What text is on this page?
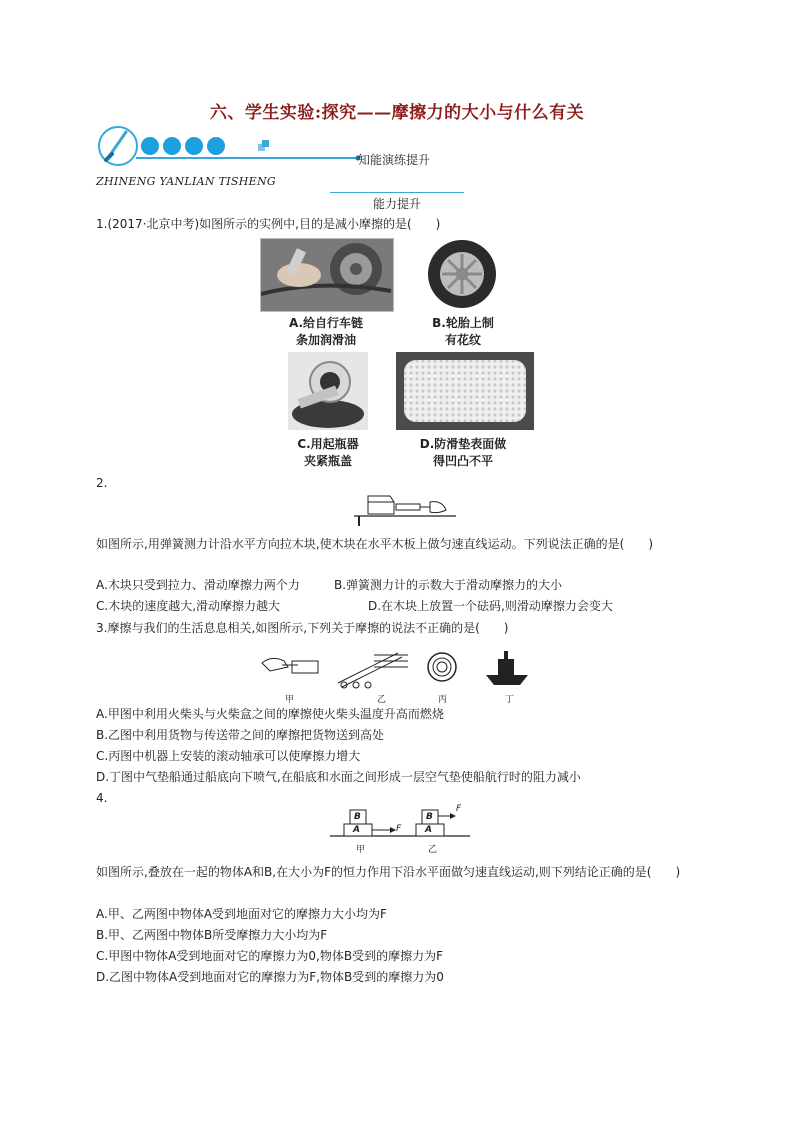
六、学生实验:探究——摩擦力的大小与什么有关
知能演练提升
ZHINENG YANLIAN TISHENG
能力提升
1.(2017·北京中考)如图所示的实例中,目的是减小摩擦的是(　　)
A.给自行车链
条加润滑油
B.轮胎上制
有花纹
C.用起瓶器
夹紧瓶盖
D.防滑垫表面做
得凹凸不平
2.
如图所示,用弹簧测力计沿水平方向拉木块,使木块在水平木板上做匀速直线运动。下列说法正确的是(　　)
A.木块只受到拉力、滑动摩擦力两个力	B.弹簧测力计的示数大于滑动摩擦力的大小
C.木块的速度越大,滑动摩擦力越大	D.在木块上放置一个砝码,则滑动摩擦力会变大
3.摩擦与我们的生活息息相关,如图所示,下列关于摩擦的说法不正确的是(　　)
甲	乙	丙	丁
A.甲图中利用火柴头与火柴盒之间的摩擦使火柴头温度升高而燃烧
B.乙图中利用货物与传送带之间的摩擦把货物送到高处
C.丙图中机器上安装的滚动轴承可以使摩擦力增大
D.丁图中气垫船通过船底向下喷气,在船底和水面之间形成一层空气垫使船航行时的阻力减小
4.
B
A	F
B
A
F
甲	乙
如图所示,叠放在一起的物体A和B,在大小为F的恒力作用下沿水平面做匀速直线运动,则下列结论正确的是(　　)
A.甲、乙两图中物体A受到地面对它的摩擦力大小均为F
B.甲、乙两图中物体B所受摩擦力大小均为F
C.甲图中物体A受到地面对它的摩擦力为0,物体B受到的摩擦力为F
D.乙图中物体A受到地面对它的摩擦力为F,物体B受到的摩擦力为0
